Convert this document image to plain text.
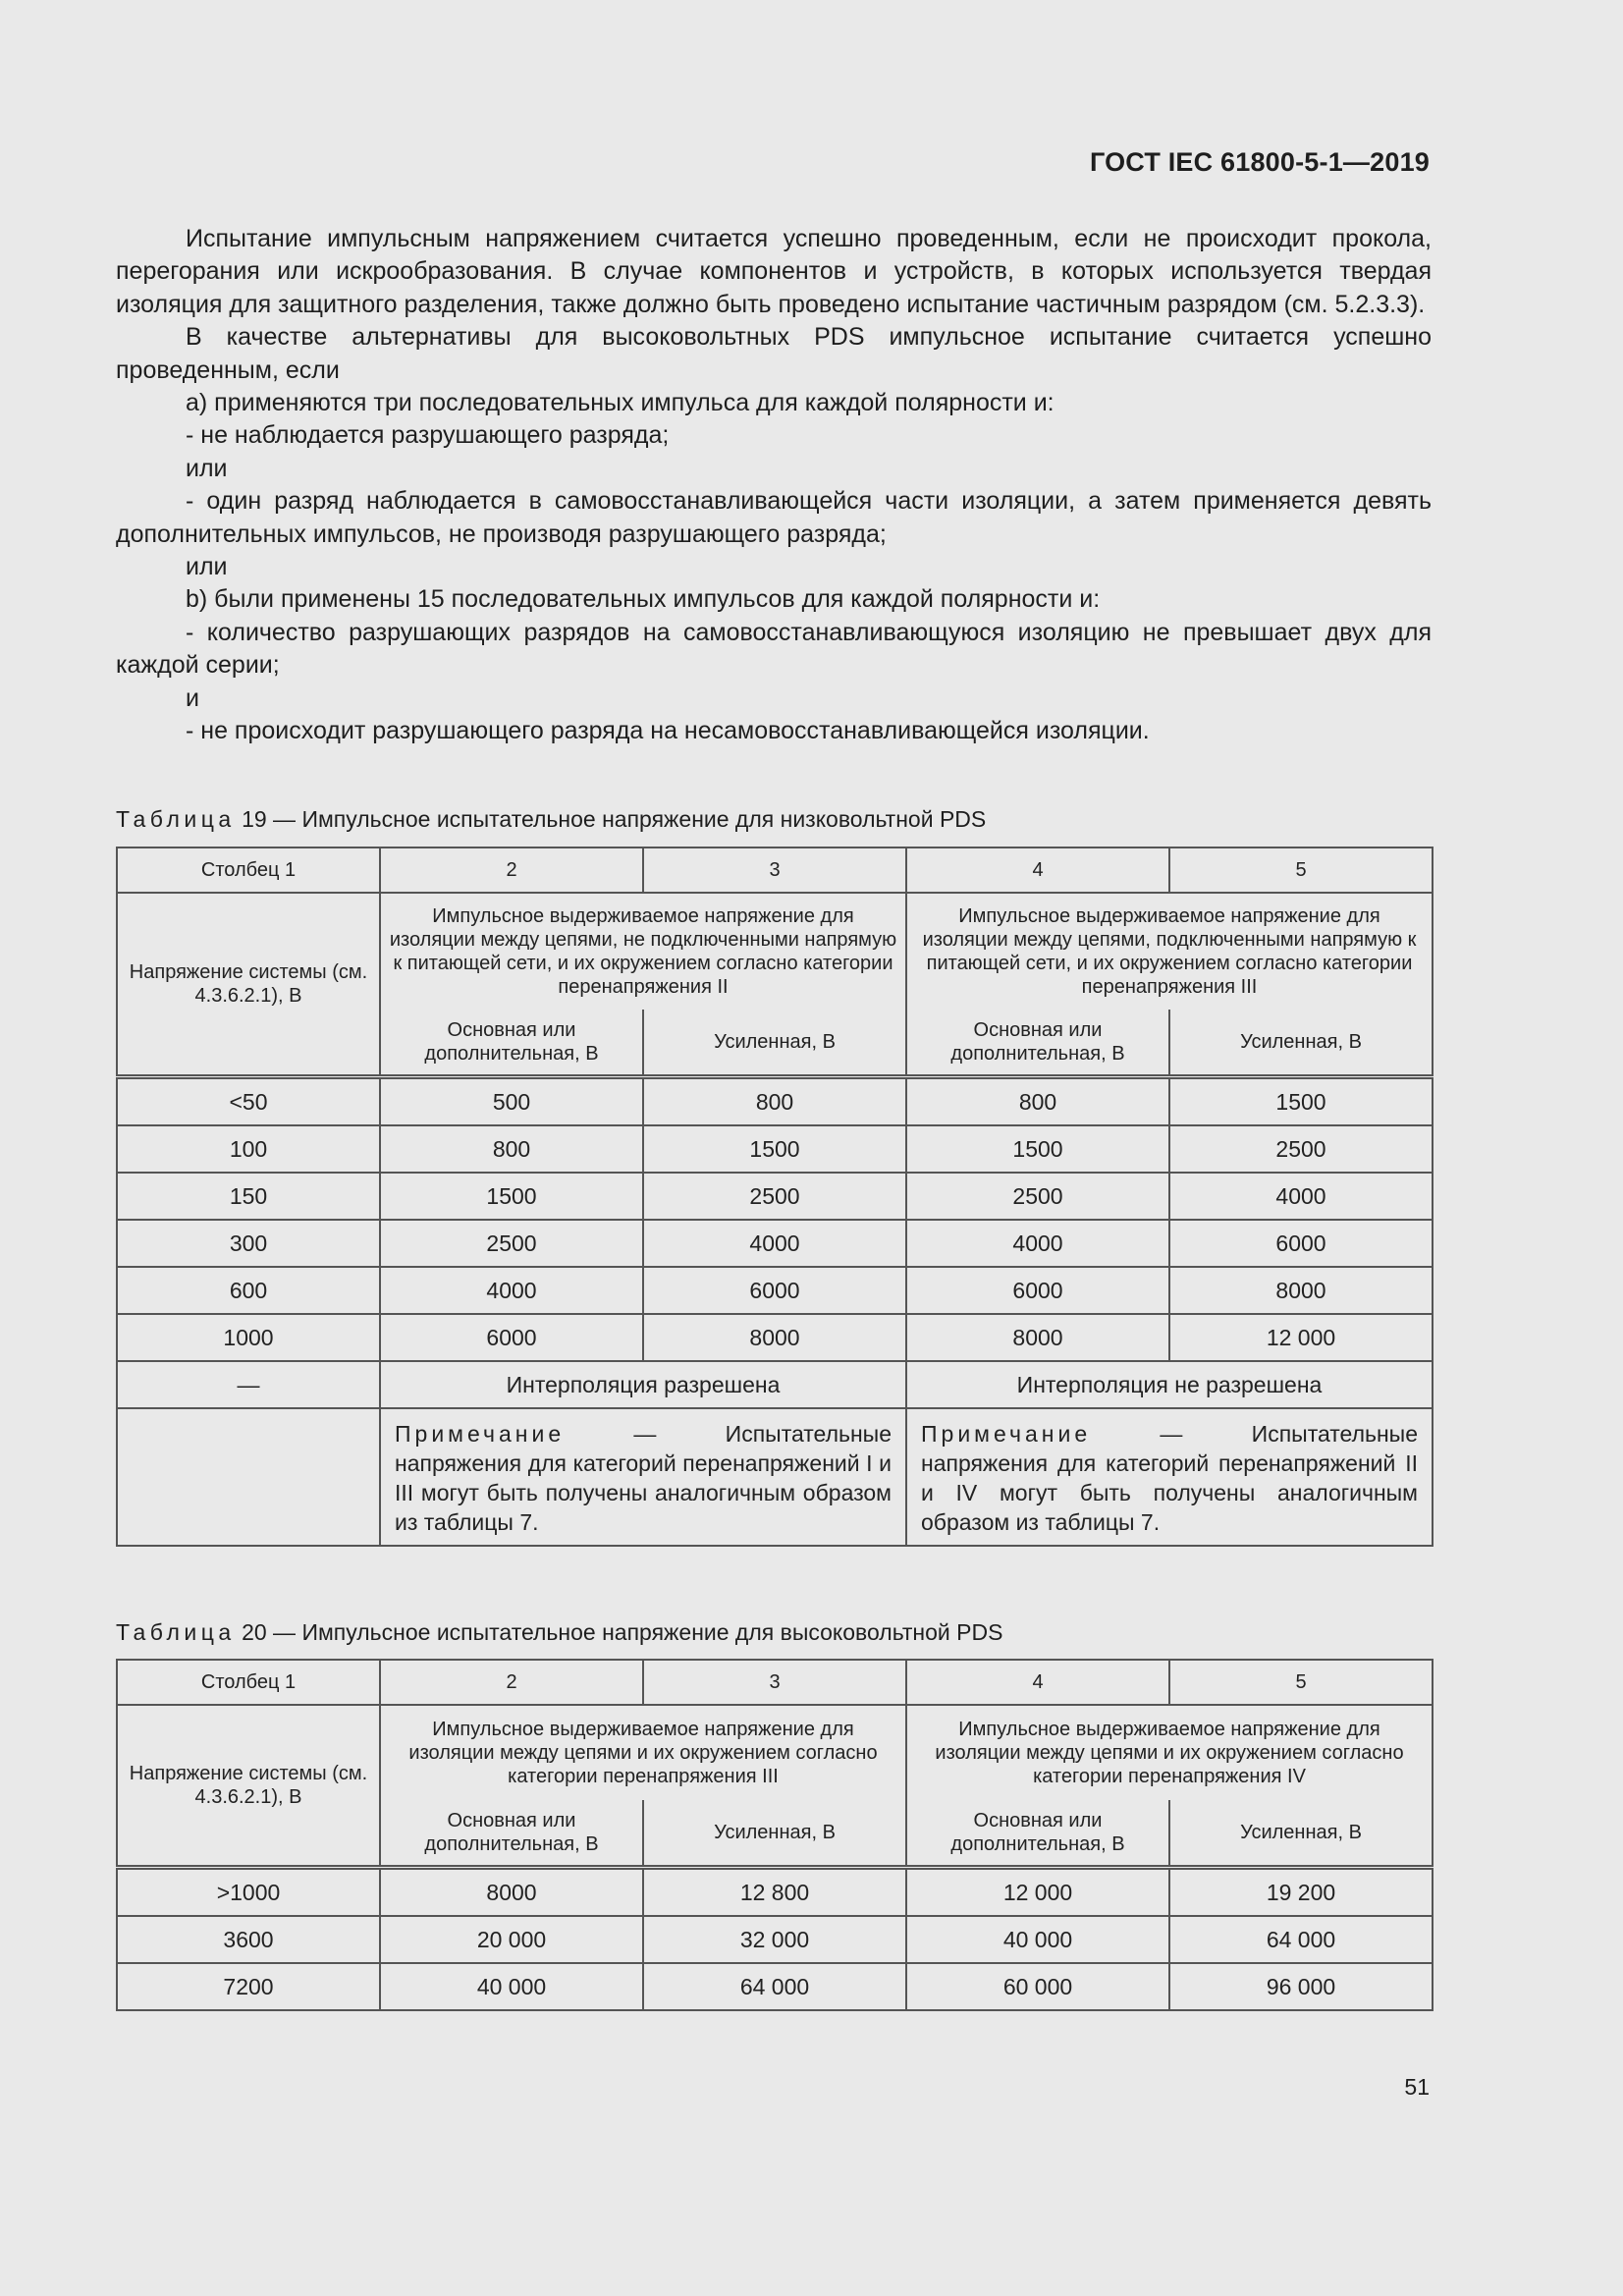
ГОСТ IEC 61800-5-1—2019

Испытание импульсным напряжением считается успешно проведенным, если не происходит прокола, перегорания или искрообразования. В случае компонентов и устройств, в которых используется твердая изоляция для защитного разделения, также должно быть проведено испытание частичным разрядом (см. 5.2.3.3).

В качестве альтернативы для высоковольтных PDS импульсное испытание считается успешно проведенным, если

а) применяются три последовательных импульса для каждой полярности и:

- не наблюдается разрушающего разряда;

или

- один разряд наблюдается в самовосстанавливающейся части изоляции, а затем применяется девять дополнительных импульсов, не производя разрушающего разряда;

или

b) были применены 15 последовательных импульсов для каждой полярности и:

- количество разрушающих разрядов на самовосстанавливающуюся изоляцию не превышает двух для каждой серии;

и

- не происходит разрушающего разряда на несамовосстанавливающейся изоляции.

Таблица 19 — Импульсное испытательное напряжение для низковольтной PDS
Столбец 1	2	3	4	5
Напряжение системы (см. 4.3.6.2.1), В	Импульсное выдерживаемое напряжение для изоляции между цепями, не подключенными напрямую к питающей сети, и их окружением согласно категории перенапряжения II		Импульсное выдерживаемое напряжение для изоляции между цепями, подключенными напрямую к питающей сети, и их окружением согласно категории перенапряжения III	
	Основная или дополнительная, В	Усиленная, В	Основная или дополнительная, В	Усиленная, В
<50	500	800	800	1500
100	800	1500	1500	2500
150	1500	2500	2500	4000
300	2500	4000	4000	6000
600	4000	6000	6000	8000
1000	6000	8000	8000	12 000
—	Интерполяция разрешена		Интерполяция не разрешена	
	Примечание — Испытательные напряжения для категорий перенапряжений I и III могут быть получены аналогичным образом из таблицы 7.		Примечание — Испытательные напряжения для категорий перенапряжений II и IV могут быть получены аналогичным образом из таблицы 7.	
Таблица 20 — Импульсное испытательное напряжение для высоковольтной PDS
Столбец 1	2	3	4	5
Напряжение системы (см. 4.3.6.2.1), В	Импульсное выдерживаемое напряжение для изоляции между цепями и их окружением согласно категории перенапряжения III		Импульсное выдерживаемое напряжение для изоляции между цепями и их окружением согласно категории перенапряжения IV	
	Основная или дополнительная, В	Усиленная, В	Основная или дополнительная, В	Усиленная, В
>1000	8000	12 800	12 000	19 200
3600	20 000	32 000	40 000	64 000
7200	40 000	64 000	60 000	96 000
51
